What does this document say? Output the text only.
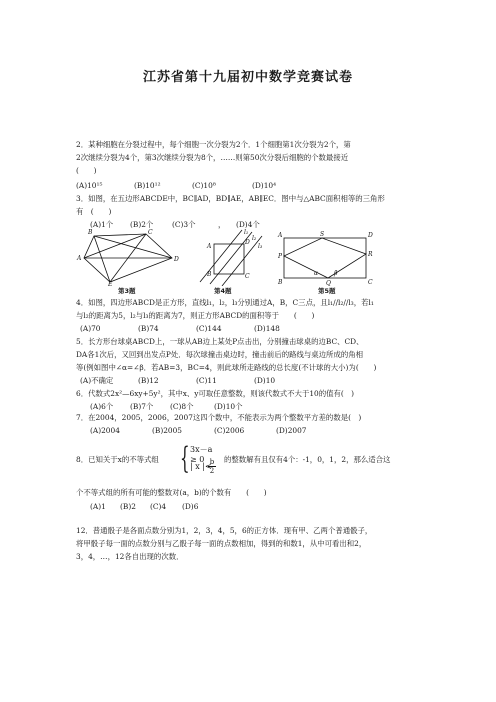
江苏省第十九届初中数学竞赛试卷
2．某种细胞在分裂过程中，每个细胞一次分裂为2个．1个细胞第1次分裂为2个，第
2次继续分裂为4个，第3次继续分裂为8个，……则第50次分裂后细胞的个数最接近
(　　)
(A)10¹⁵	(B)10¹²	(C)10⁸	(D)10⁴
3．如图，在五边形ABCDE中，BC∥AD，BD∥AE，AB∥EC．图中与△ABC面积相等的三角形
有　(　　)
(A)1个 (B)2个	(C)3个	， (D)4个
B	C
A	D
E
第3题
l₁
l₂
l₃
A
B	C
D
第4题
A	S	D
P	R
B	Q	C
α	β
第5题
4．如图，四边形ABCD是正方形，直线l₁，l₂，l₃分别通过A，B，C三点，且l₁//l₂//l₃，若l₁
与l₂的距离为5，l₂与l₃的距离为7，则正方形ABCD的面积等于　　(　　)
(A)70	(B)74	(C)144	(D)148
5．长方形台球桌ABCD上，一球从AB边上某处P点击出，分别撞击球桌的边BC、CD、
DA各1次后，又回到出发点P处．每次球撞击桌边时，撞击前后的路线与桌边所成的角相
等(例如图中∠α=∠β．若AB=3，BC=4，则此球所走路线的总长度(不计球的大小)为(　　)
(A)不确定	(B)12	(C)11	(D)10
6．代数式2x²—6xy+5y²，其中x、y可取任意整数，则该代数式不大于10的值有(　)
(A)6个 (B)7个 (C)8个	(D)10个
7．在2004，2005，2006，2007这四个数中，不能表示为两个整数平方差的数是(　)
(A)2004	(B)2005	(C)2006	(D)2007
8．已知关于x的不等式组 { 3x－a ≥ 0
| x |<
b
2
的整数解有且仅有4个：-1，0，1，2，那么适合这
个不等式组的所有可能的整数对(a，b)的个数有　　(　　)
(A)1 (B)2 (C)4 (D)6
12．普通骰子是各面点数分别为1，2，3，4，5，6的正方体．现有甲、乙两个普通骰子，
将甲骰子每一面的点数分别与乙骰子每一面的点数相加，得到的和数1，从中可看出和2，
3，4，…，12各自出现的次数．
